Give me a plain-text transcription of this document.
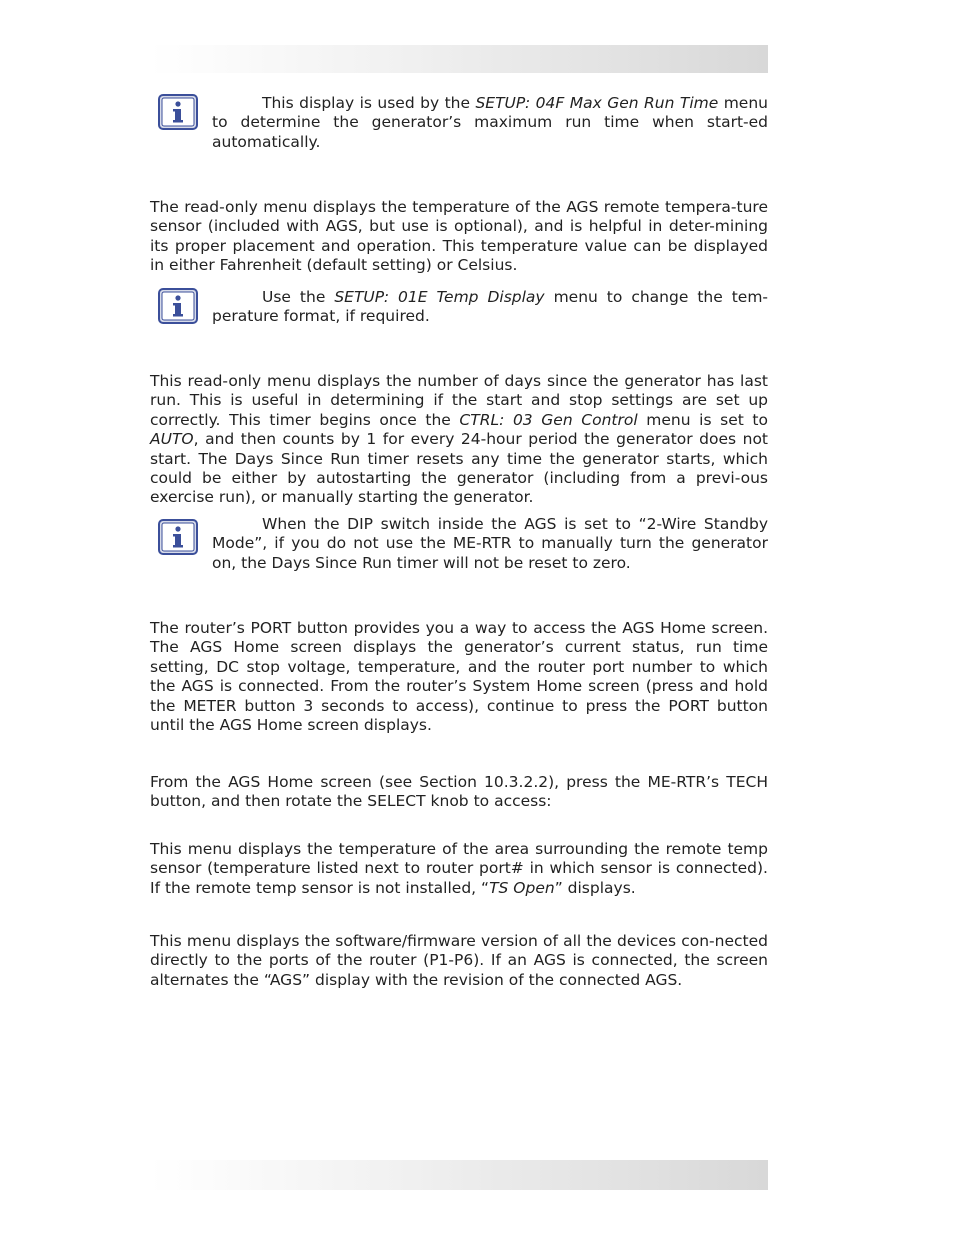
This display is used by the SETUP: 04F Max Gen Run Time menu to determine the generator’s maximum run time when start-ed automatically.

The read-only menu displays the temperature of the AGS remote tempera-ture sensor (included with AGS, but use is optional), and is helpful in deter-mining its proper placement and operation. This temperature value can be displayed in either Fahrenheit (default setting) or Celsius.

Use the SETUP: 01E Temp Display menu to change the tem-perature format, if required.

This read-only menu displays the number of days since the generator has last run. This is useful in determining if the start and stop settings are set up correctly. This timer begins once the CTRL: 03 Gen Control menu is set to AUTO, and then counts by 1 for every 24-hour period the generator does not start. The Days Since Run timer resets any time the generator starts, which could be either by autostarting the generator (including from a previ-ous exercise run), or manually starting the generator.

When the DIP switch inside the AGS is set to “2-Wire Standby Mode”, if you do not use the ME-RTR to manually turn the generator on, the Days Since Run timer will not be reset to zero.

The router’s PORT button provides you a way to access the AGS Home screen. The AGS Home screen displays the generator’s current status, run time setting, DC stop voltage, temperature, and the router port number to which the AGS is connected. From the router’s System Home screen (press and hold the METER button 3 seconds to access), continue to press the PORT button until the AGS Home screen displays.

From the AGS Home screen (see Section 10.3.2.2), press the ME-RTR’s TECH button, and then rotate the SELECT knob to access:

This menu displays the temperature of the area surrounding the remote temp sensor (temperature listed next to router port# in which sensor is connected). If the remote temp sensor is not installed, “TS Open” displays.

This menu displays the software/firmware version of all the devices con-nected directly to the ports of the router (P1-P6). If an AGS is connected, the screen alternates the “AGS” display with the revision of the connected AGS.
